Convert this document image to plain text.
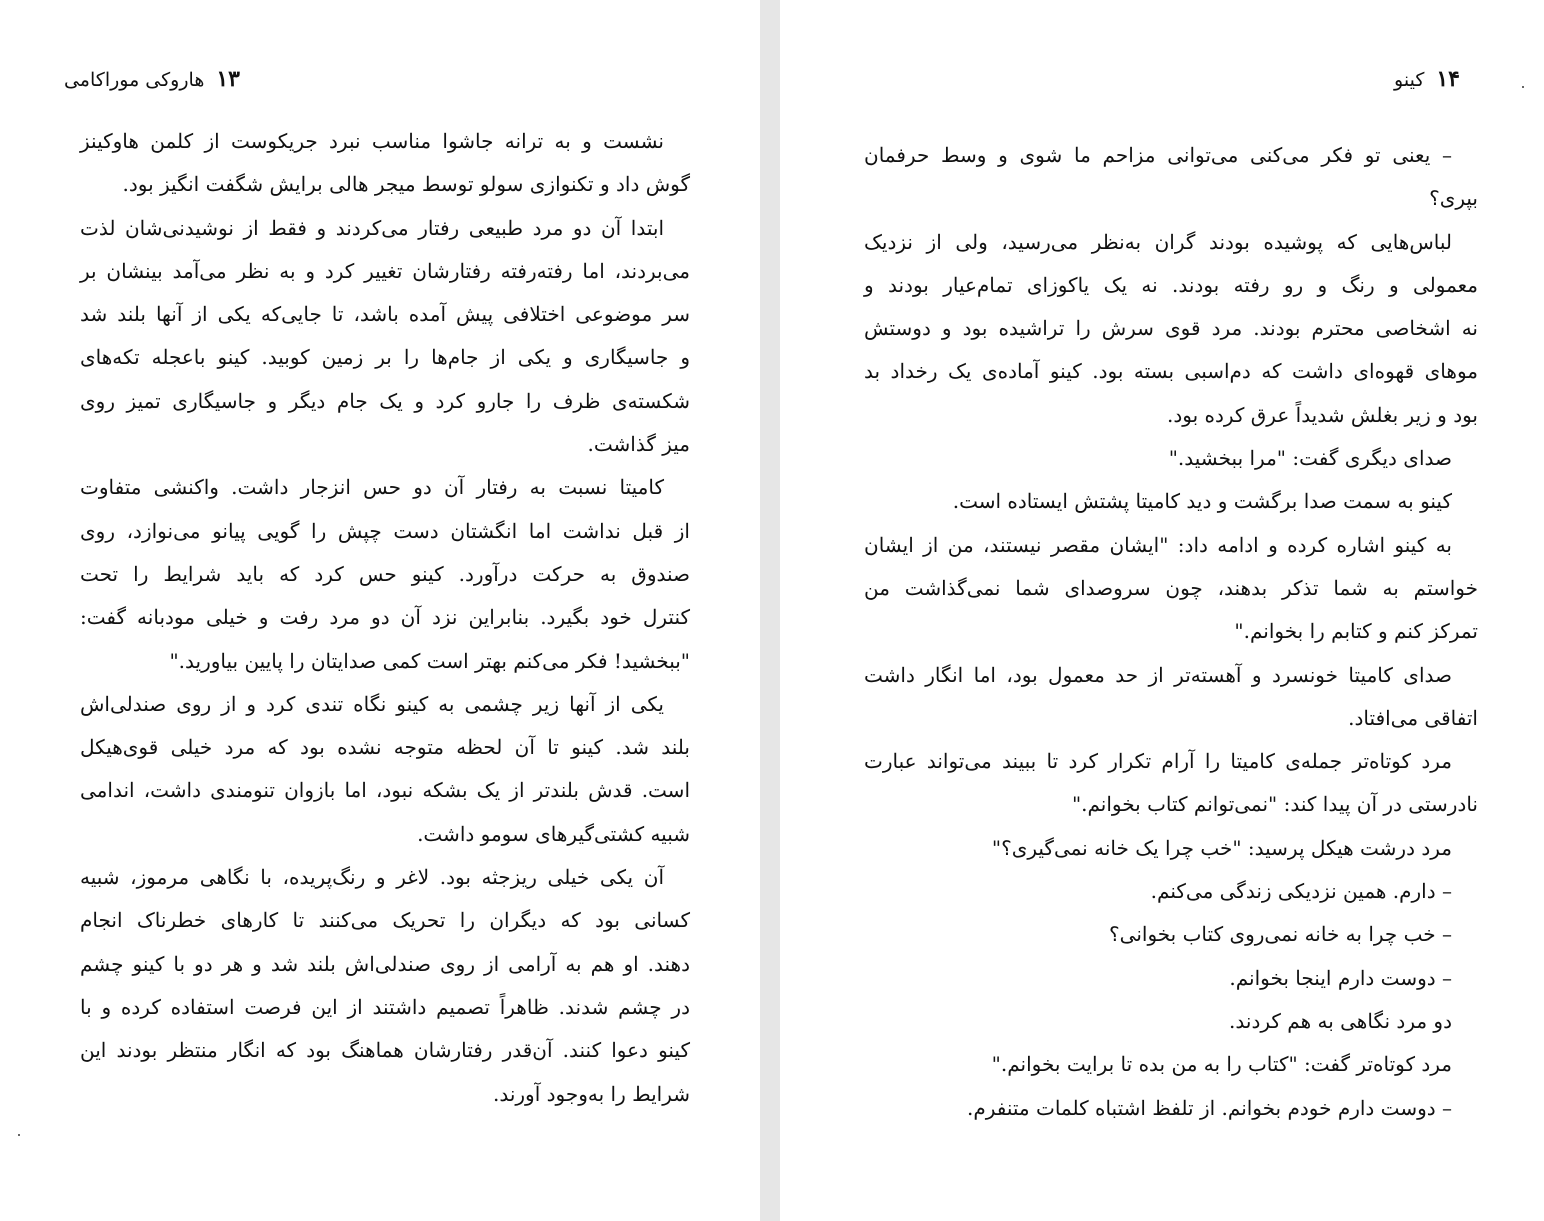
۱۳هاروکی موراکامی
نشست و به ترانه جاشوا مناسب نبرد جریکوست از کلمن هاوکینز
گوش داد و تکنوازی سولو توسط میجر هالی برایش شگفت انگیز بود.
ابتدا آن دو مرد طبیعی رفتار می‌کردند و فقط از نوشیدنی‌شان لذت
می‌بردند، اما رفته‌رفته رفتارشان تغییر کرد و به نظر می‌آمد بینشان بر
سر موضوعی اختلافی پیش آمده باشد، تا جایی‌که یکی از آنها بلند شد
و جاسیگاری و یکی از جام‌ها را بر زمین کوبید. کینو باعجله تکه‌های
شکسته‌ی ظرف را جارو کرد و یک جام دیگر و جاسیگاری تمیز روی
میز گذاشت.
کامیتا نسبت به رفتار آن دو حس انزجار داشت. واکنشی متفاوت
از قبل نداشت اما انگشتان دست چپش را گویی پیانو می‌نوازد، روی
صندوق به حرکت درآورد. کینو حس کرد که باید شرایط را تحت
کنترل خود بگیرد. بنابراین نزد آن دو مرد رفت و خیلی مودبانه گفت:
"ببخشید! فکر می‌کنم بهتر است کمی صدایتان را پایین بیاورید."
یکی از آنها زیر چشمی به کینو نگاه تندی کرد و از روی صندلی‌اش
بلند شد. کینو تا آن لحظه متوجه نشده بود که مرد خیلی قوی‌هیکل
است. قدش بلندتر از یک بشکه نبود، اما بازوان تنومندی داشت، اندامی
شبیه کشتی‌گیرهای سومو داشت.
آن یکی خیلی ریزجثه بود. لاغر و رنگ‌پریده، با نگاهی مرموز، شبیه
کسانی بود که دیگران را تحریک می‌کنند تا کارهای خطرناک انجام
دهند. او هم به آرامی از روی صندلی‌اش بلند شد و هر دو با کینو چشم
در چشم شدند. ظاهراً تصمیم داشتند از این فرصت استفاده کرده و با
کینو دعوا کنند. آن‌قدر رفتارشان هماهنگ بود که انگار منتظر بودند این
شرایط را به‌وجود آورند.
۱۴کینو
– یعنی تو فکر می‌کنی می‌توانی مزاحم ما شوی و وسط حرفمان
بپری؟
لباس‌هایی که پوشیده بودند گران به‌نظر می‌رسید، ولی از نزدیک
معمولی و رنگ و رو رفته بودند. نه یک یاکوزای تمام‌عیار بودند و
نه اشخاصی محترم بودند. مرد قوی سرش را تراشیده بود و دوستش
موهای قهوه‌ای داشت که دم‌اسبی بسته بود. کینو آماده‌ی یک رخداد بد
بود و زیر بغلش شدیداً عرق کرده بود.
صدای دیگری گفت: "مرا ببخشید."
کینو به سمت صدا برگشت و دید کامیتا پشتش ایستاده است.
به کینو اشاره کرده و ادامه داد: "ایشان مقصر نیستند، من از ایشان
خواستم به شما تذکر بدهند، چون سروصدای شما نمی‌گذاشت من
تمرکز کنم و کتابم را بخوانم."
صدای کامیتا خونسرد و آهسته‌تر از حد معمول بود، اما انگار داشت
اتفاقی می‌افتاد.
مرد کوتاه‌تر جمله‌ی کامیتا را آرام تکرار کرد تا ببیند می‌تواند عبارت
نادرستی در آن پیدا کند: "نمی‌توانم کتاب بخوانم."
مرد درشت هیکل پرسید: "خب چرا یک خانه نمی‌گیری؟"
– دارم. همین نزدیکی زندگی می‌کنم.
– خب چرا به خانه نمی‌روی کتاب بخوانی؟
– دوست دارم اینجا بخوانم.
دو مرد نگاهی به هم کردند.
مرد کوتاه‌تر گفت: "کتاب را به من بده تا برایت بخوانم."
– دوست دارم خودم بخوانم. از تلفظ اشتباه کلمات متنفرم.
